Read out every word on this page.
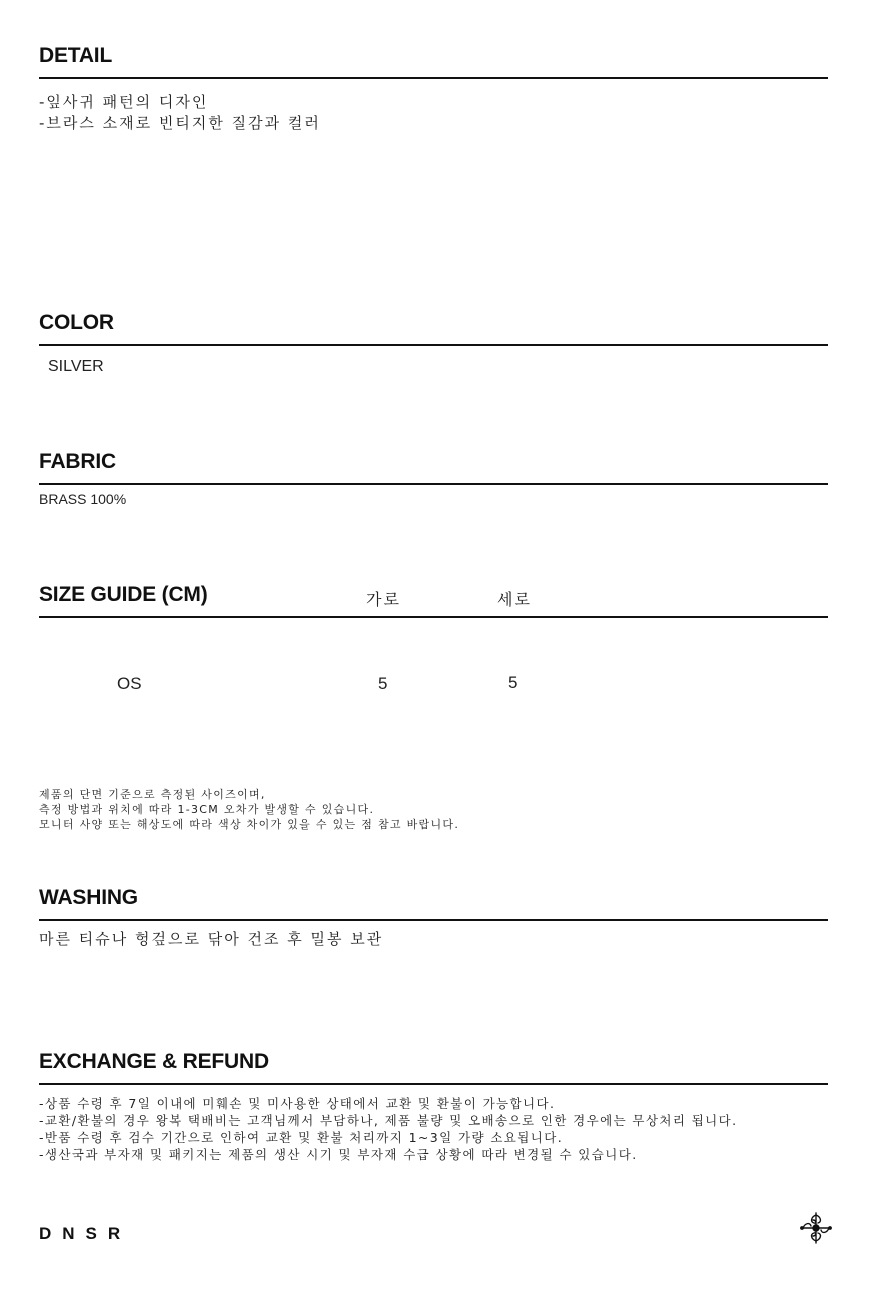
DETAIL
-잎사귀 패턴의 디자인
-브라스 소재로 빈티지한 질감과 컬러
COLOR
SILVER
FABRIC
BRASS 100%
SIZE GUIDE (CM)	가로	세로
OS	5	5
제품의 단면 기준으로 측정된 사이즈이며,
측정 방법과 위치에 따라 1-3CM 오차가 발생할 수 있습니다.
모니터 사양 또는 해상도에 따라 색상 차이가 있을 수 있는 점 참고 바랍니다.
WASHING
마른 티슈나 헝겊으로 닦아 건조 후 밀봉 보관
EXCHANGE & REFUND
-상품 수령 후 7일 이내에 미훼손 및 미사용한 상태에서 교환 및 환불이 가능합니다.
-교환/환불의 경우 왕복 택배비는 고객님께서 부담하나, 제품 불량 및 오배송으로 인한 경우에는 무상처리 됩니다.
-반품 수령 후 검수 기간으로 인하여 교환 및 환불 처리까지 1~3일 가량 소요됩니다.
-생산국과 부자재 및 패키지는 제품의 생산 시기 및 부자재 수급 상황에 따라 변경될 수 있습니다.
DNSR
